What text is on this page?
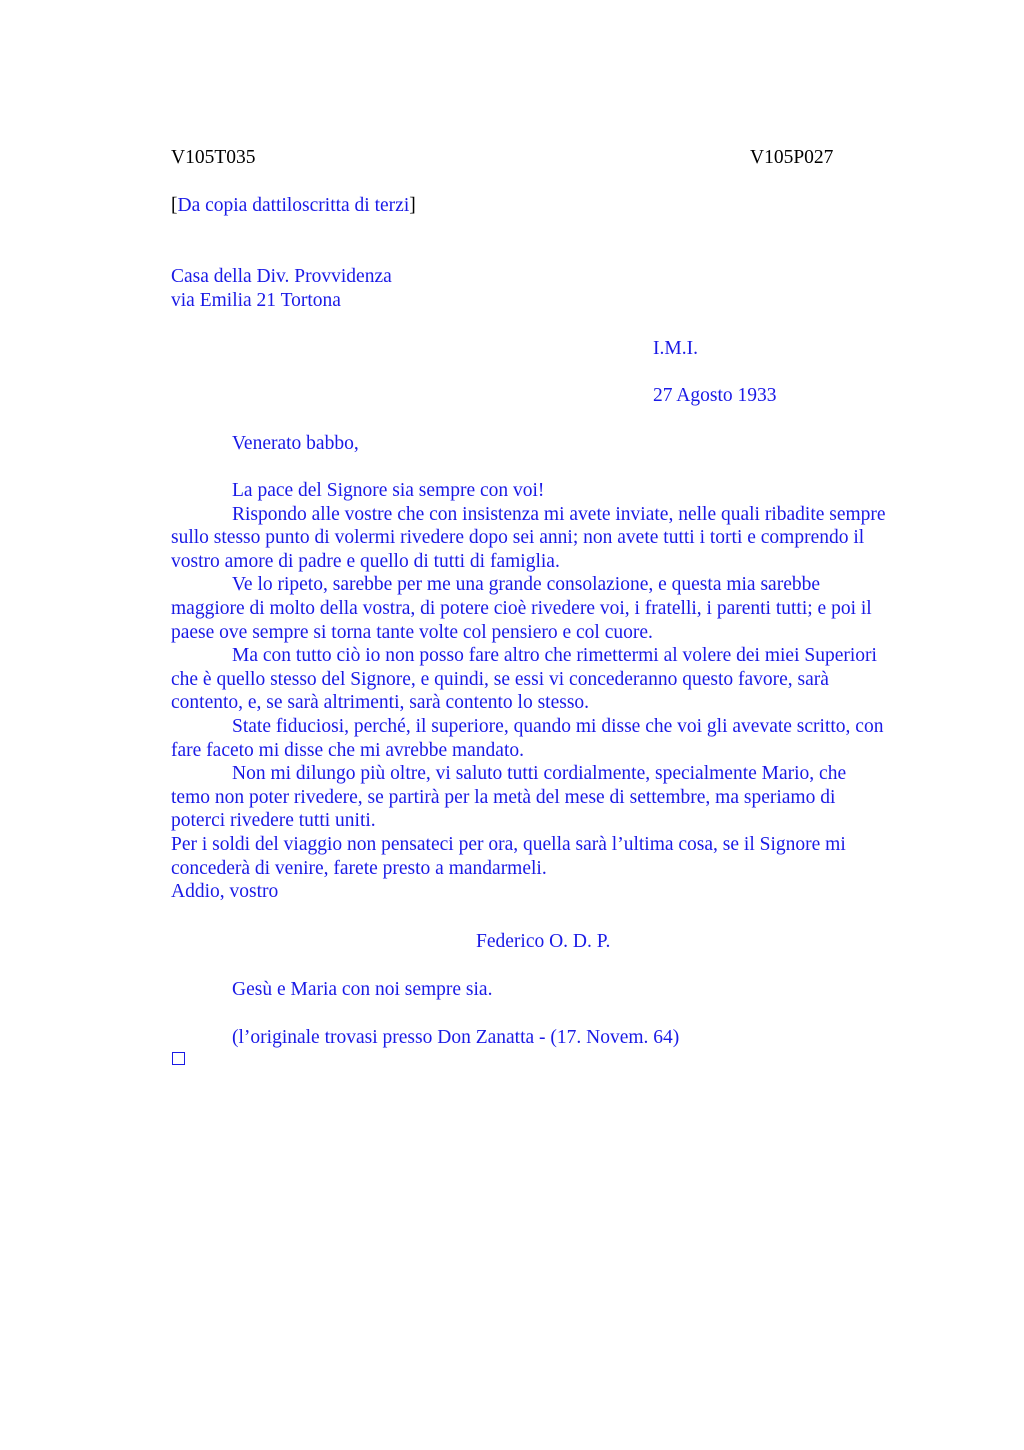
V105T035	V105P027
[Da copia dattiloscritta di terzi]
Casa della Div. Provvidenza
via Emilia 21 Tortona
I.M.I.
27 Agosto 1933
Venerato babbo,
La pace del Signore sia sempre con voi!
Rispondo alle vostre che con insistenza mi avete inviate, nelle quali ribadite sempre
sullo stesso punto di volermi rivedere dopo sei anni; non avete tutti i torti e comprendo il
vostro amore di padre e quello di tutti di famiglia.
Ve lo ripeto, sarebbe per me una grande consolazione, e questa mia sarebbe
maggiore di molto della vostra, di potere cioè rivedere voi, i fratelli, i parenti tutti; e poi il
paese ove sempre si torna tante volte col pensiero e col cuore.
Ma con tutto ciò io non posso fare altro che rimettermi al volere dei miei Superiori
che è quello stesso del Signore, e quindi, se essi vi concederanno questo favore, sarà
contento, e, se sarà altrimenti, sarà contento lo stesso.
State fiduciosi, perché, il superiore, quando mi disse che voi gli avevate scritto, con
fare faceto mi disse che mi avrebbe mandato.
Non mi dilungo più oltre, vi saluto tutti cordialmente, specialmente Mario, che
temo non poter rivedere, se partirà per la metà del mese di settembre, ma speriamo di
poterci rivedere tutti uniti.
Per i soldi del viaggio non pensateci per ora, quella sarà l’ultima cosa, se il Signore mi
concederà di venire, farete presto a mandarmeli.
Addio, vostro
Federico O. D. P.
Gesù e Maria con noi sempre sia.
(l’originale trovasi presso Don Zanatta - (17. Novem. 64)
